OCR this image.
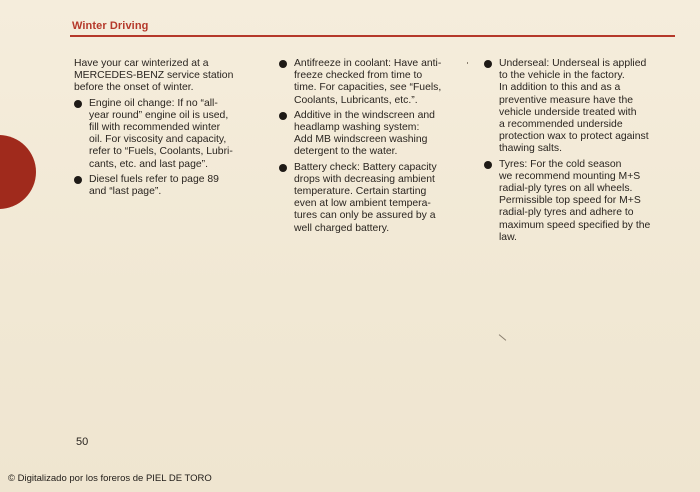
Winter Driving

Have your car winterized at a
MERCEDES-BENZ service station
before the onset of winter.

Engine oil change: If no “all-
year round” engine oil is used,
fill with recommended winter
oil. For viscosity and capacity,
refer to “Fuels, Coolants, Lubri-
cants, etc. and last page”.
Diesel fuels refer to page 89
and “last page”.
Antifreeze in coolant: Have anti-
freeze checked from time to
time. For capacities, see “Fuels,
Coolants, Lubricants, etc.”.
Additive in the windscreen and
headlamp washing system:
Add MB windscreen washing
detergent to the water.
Battery check: Battery capacity
drops with decreasing ambient
temperature. Certain starting
even at low ambient tempera-
tures can only be assured by a
well charged battery.
Underseal: Underseal is applied
to the vehicle in the factory.
In addition to this and as a
preventive measure have the
vehicle underside treated with
a recommended underside
protection wax to protect against
thawing salts.
Tyres: For the cold season
we recommend mounting M+S
radial-ply tyres on all wheels.
Permissible top speed for M+S
radial-ply tyres and adhere to
maximum speed specified by the
law.
50
© Digitalizado por los foreros de PIEL DE TORO
